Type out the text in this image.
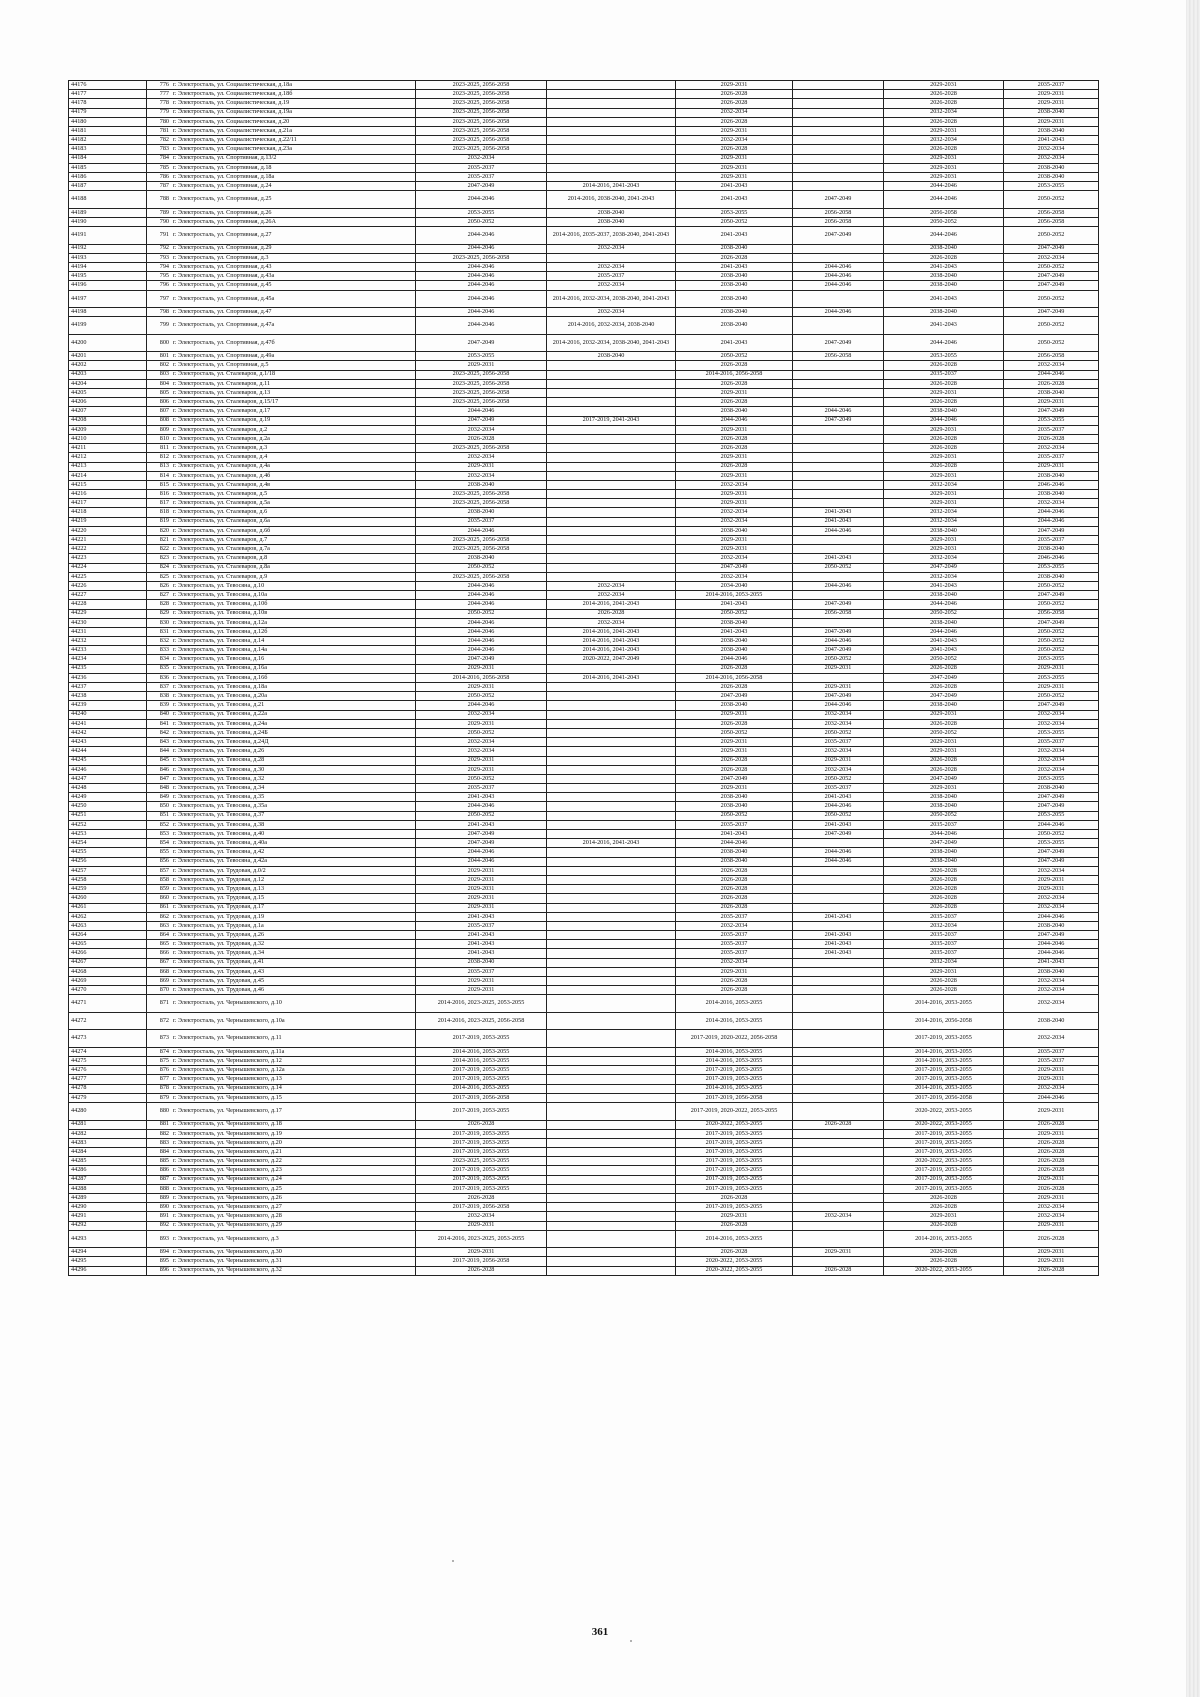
44176	776	г. Электросталь, ул. Социалистическая, д.18а	2023-2025, 2056-2058		2029-2031		2029-2031	2035-2037
44177	777	г. Электросталь, ул. Социалистическая, д.18б	2023-2025, 2056-2058		2026-2028		2026-2028	2029-2031
44178	778	г. Электросталь, ул. Социалистическая, д.19	2023-2025, 2056-2058		2026-2028		2026-2028	2029-2031
44179	779	г. Электросталь, ул. Социалистическая, д.19а	2023-2025, 2056-2058		2032-2034		2032-2034	2038-2040
44180	780	г. Электросталь, ул. Социалистическая, д.20	2023-2025, 2056-2058		2026-2028		2026-2028	2029-2031
44181	781	г. Электросталь, ул. Социалистическая, д.21а	2023-2025, 2056-2058		2029-2031		2029-2031	2038-2040
44182	782	г. Электросталь, ул. Социалистическая, д.22/11	2023-2025, 2056-2058		2032-2034		2032-2034	2041-2043
44183	783	г. Электросталь, ул. Социалистическая, д.23а	2023-2025, 2056-2058		2026-2028		2026-2028	2032-2034
44184	784	г. Электросталь, ул. Спортивная, д.13/2	2032-2034		2029-2031		2029-2031	2032-2034
44185	785	г. Электросталь, ул. Спортивная, д.18	2035-2037		2029-2031		2029-2031	2038-2040
44186	786	г. Электросталь, ул. Спортивная, д.18а	2035-2037		2029-2031		2029-2031	2038-2040
44187	787	г. Электросталь, ул. Спортивная, д.24	2047-2049	2014-2016, 2041-2043	2041-2043		2044-2046	2053-2055
44188	788	г. Электросталь, ул. Спортивная, д.25	2044-2046	2014-2016, 2038-2040, 2041-2043	2041-2043	2047-2049	2044-2046	2050-2052
44189	789	г. Электросталь, ул. Спортивная, д.26	2053-2055	2038-2040	2053-2055	2056-2058	2056-2058	2056-2058
44190	790	г. Электросталь, ул. Спортивная, д.26А	2050-2052	2038-2040	2050-2052	2056-2058	2050-2052	2056-2058
44191	791	г. Электросталь, ул. Спортивная, д.27	2044-2046	2014-2016, 2035-2037, 2038-2040, 2041-2043	2041-2043	2047-2049	2044-2046	2050-2052
44192	792	г. Электросталь, ул. Спортивная, д.29	2044-2046	2032-2034	2038-2040		2038-2040	2047-2049
44193	793	г. Электросталь, ул. Спортивная, д.3	2023-2025, 2056-2058		2026-2028		2026-2028	2032-2034
44194	794	г. Электросталь, ул. Спортивная, д.43	2044-2046	2032-2034	2041-2043	2044-2046	2041-2043	2050-2052
44195	795	г. Электросталь, ул. Спортивная, д.43а	2044-2046	2035-2037	2038-2040	2044-2046	2038-2040	2047-2049
44196	796	г. Электросталь, ул. Спортивная, д.45	2044-2046	2032-2034	2038-2040	2044-2046	2038-2040	2047-2049
44197	797	г. Электросталь, ул. Спортивная, д.45а	2044-2046	2014-2016, 2032-2034, 2038-2040, 2041-2043	2038-2040		2041-2043	2050-2052
44198	798	г. Электросталь, ул. Спортивная, д.47	2044-2046	2032-2034	2038-2040	2044-2046	2038-2040	2047-2049
44199	799	г. Электросталь, ул. Спортивная, д.47а	2044-2046	2014-2016, 2032-2034, 2038-2040	2038-2040		2041-2043	2050-2052
44200	800	г. Электросталь, ул. Спортивная, д.47б	2047-2049	2014-2016, 2032-2034, 2038-2040, 2041-2043	2041-2043	2047-2049	2044-2046	2050-2052
44201	801	г. Электросталь, ул. Спортивная, д.49а	2053-2055	2038-2040	2050-2052	2056-2058	2053-2055	2056-2058
44202	802	г. Электросталь, ул. Спортивная, д.5	2029-2031		2026-2028		2026-2028	2032-2034
44203	803	г. Электросталь, ул. Сталеваров, д.1/18	2023-2025, 2056-2058		2014-2016, 2056-2058		2035-2037	2044-2046
44204	804	г. Электросталь, ул. Сталеваров, д.11	2023-2025, 2056-2058		2026-2028		2026-2028	2026-2028
44205	805	г. Электросталь, ул. Сталеваров, д.13	2023-2025, 2056-2058		2029-2031		2029-2031	2038-2040
44206	806	г. Электросталь, ул. Сталеваров, д.15/17	2023-2025, 2056-2058		2026-2028		2026-2028	2029-2031
44207	807	г. Электросталь, ул. Сталеваров, д.17	2044-2046		2038-2040	2044-2046	2038-2040	2047-2049
44208	808	г. Электросталь, ул. Сталеваров, д.19	2047-2049	2017-2019, 2041-2043	2044-2046	2047-2049	2044-2046	2053-2055
44209	809	г. Электросталь, ул. Сталеваров, д.2	2032-2034		2029-2031		2029-2031	2035-2037
44210	810	г. Электросталь, ул. Сталеваров, д.2а	2026-2028		2026-2028		2026-2028	2026-2028
44211	811	г. Электросталь, ул. Сталеваров, д.3	2023-2025, 2056-2058		2026-2028		2026-2028	2032-2034
44212	812	г. Электросталь, ул. Сталеваров, д.4	2032-2034		2029-2031		2029-2031	2035-2037
44213	813	г. Электросталь, ул. Сталеваров, д.4а	2029-2031		2026-2028		2026-2028	2029-2031
44214	814	г. Электросталь, ул. Сталеваров, д.4б	2032-2034		2029-2031		2029-2031	2038-2040
44215	815	г. Электросталь, ул. Сталеваров, д.4в	2038-2040		2032-2034		2032-2034	2046-2046
44216	816	г. Электросталь, ул. Сталеваров, д.5	2023-2025, 2056-2058		2029-2031		2029-2031	2038-2040
44217	817	г. Электросталь, ул. Сталеваров, д.5а	2023-2025, 2056-2058		2029-2031		2029-2031	2032-2034
44218	818	г. Электросталь, ул. Сталеваров, д.6	2038-2040		2032-2034	2041-2043	2032-2034	2044-2046
44219	819	г. Электросталь, ул. Сталеваров, д.6а	2035-2037		2032-2034	2041-2043	2032-2034	2044-2046
44220	820	г. Электросталь, ул. Сталеваров, д.6б	2044-2046		2038-2040	2044-2046	2038-2040	2047-2049
44221	821	г. Электросталь, ул. Сталеваров, д.7	2023-2025, 2056-2058		2029-2031		2029-2031	2035-2037
44222	822	г. Электросталь, ул. Сталеваров, д.7а	2023-2025, 2056-2058		2029-2031		2029-2031	2038-2040
44223	823	г. Электросталь, ул. Сталеваров, д.8	2038-2040		2032-2034	2041-2043	2032-2034	2046-2046
44224	824	г. Электросталь, ул. Сталеваров, д.8а	2050-2052		2047-2049	2050-2052	2047-2049	2053-2055
44225	825	г. Электросталь, ул. Сталеваров, д.9	2023-2025, 2056-2058		2032-2034		2032-2034	2038-2040
44226	826	г. Электросталь, ул. Тевосяна, д.10	2044-2046	2032-2034	2034-2040	2044-2046	2041-2043	2050-2052
44227	827	г. Электросталь, ул. Тевосяна, д.10а	2044-2046	2032-2034	2014-2016, 2053-2055		2038-2040	2047-2049
44228	828	г. Электросталь, ул. Тевосяна, д.10б	2044-2046	2014-2016, 2041-2043	2041-2043	2047-2049	2044-2046	2050-2052
44229	829	г. Электросталь, ул. Тевосяна, д.10в	2050-2052	2026-2028	2050-2052	2056-2058	2050-2052	2056-2058
44230	830	г. Электросталь, ул. Тевосяна, д.12а	2044-2046	2032-2034	2038-2040		2038-2040	2047-2049
44231	831	г. Электросталь, ул. Тевосяна, д.12б	2044-2046	2014-2016, 2041-2043	2041-2043	2047-2049	2044-2046	2050-2052
44232	832	г. Электросталь, ул. Тевосяна, д.14	2044-2046	2014-2016, 2041-2043	2038-2040	2044-2046	2041-2043	2050-2052
44233	833	г. Электросталь, ул. Тевосяна, д.14а	2044-2046	2014-2016, 2041-2043	2038-2040	2047-2049	2041-2043	2050-2052
44234	834	г. Электросталь, ул. Тевосяна, д.16	2047-2049	2020-2022, 2047-2049	2044-2046	2050-2052	2050-2052	2053-2055
44235	835	г. Электросталь, ул. Тевосяна, д.16а	2029-2031		2026-2028	2029-2031	2026-2028	2029-2031
44236	836	г. Электросталь, ул. Тевосяна, д.16б	2014-2016, 2056-2058	2014-2016, 2041-2043	2014-2016, 2056-2058		2047-2049	2053-2055
44237	837	г. Электросталь, ул. Тевосяна, д.18а	2029-2031		2026-2028	2029-2031	2026-2028	2029-2031
44238	838	г. Электросталь, ул. Тевосяна, д.20а	2050-2052		2047-2049	2047-2049	2047-2049	2050-2052
44239	839	г. Электросталь, ул. Тевосяна, д.21	2044-2046		2038-2040	2044-2046	2038-2040	2047-2049
44240	840	г. Электросталь, ул. Тевосяна, д.22а	2032-2034		2029-2031	2032-2034	2029-2031	2032-2034
44241	841	г. Электросталь, ул. Тевосяна, д.24а	2029-2031		2026-2028	2032-2034	2026-2028	2032-2034
44242	842	г. Электросталь, ул. Тевосяна, д.24Б	2050-2052		2050-2052	2050-2052	2050-2052	2053-2055
44243	843	г. Электросталь, ул. Тевосяна, д.24Д	2032-2034		2029-2031	2035-2037	2029-2031	2035-2037
44244	844	г. Электросталь, ул. Тевосяна, д.26	2032-2034		2029-2031	2032-2034	2029-2031	2032-2034
44245	845	г. Электросталь, ул. Тевосяна, д.28	2029-2031		2026-2028	2029-2031	2026-2028	2032-2034
44246	846	г. Электросталь, ул. Тевосяна, д.30	2029-2031		2026-2028	2032-2034	2026-2028	2032-2034
44247	847	г. Электросталь, ул. Тевосяна, д.32	2050-2052		2047-2049	2050-2052	2047-2049	2053-2055
44248	848	г. Электросталь, ул. Тевосяна, д.34	2035-2037		2029-2031	2035-2037	2029-2031	2038-2040
44249	849	г. Электросталь, ул. Тевосяна, д.35	2041-2043		2038-2040	2041-2043	2038-2040	2047-2049
44250	850	г. Электросталь, ул. Тевосяна, д.35а	2044-2046		2038-2040	2044-2046	2038-2040	2047-2049
44251	851	г. Электросталь, ул. Тевосяна, д.37	2050-2052		2050-2052	2050-2052	2050-2052	2053-2055
44252	852	г. Электросталь, ул. Тевосяна, д.38	2041-2043		2035-2037	2041-2043	2035-2037	2044-2046
44253	853	г. Электросталь, ул. Тевосяна, д.40	2047-2049		2041-2043	2047-2049	2044-2046	2050-2052
44254	854	г. Электросталь, ул. Тевосяна, д.40а	2047-2049	2014-2016, 2041-2043	2044-2046		2047-2049	2053-2055
44255	855	г. Электросталь, ул. Тевосяна, д.42	2044-2046		2038-2040	2044-2046	2038-2040	2047-2049
44256	856	г. Электросталь, ул. Тевосяна, д.42а	2044-2046		2038-2040	2044-2046	2038-2040	2047-2049
44257	857	г. Электросталь, ул. Трудовая, д.0/2	2029-2031		2026-2028		2026-2028	2032-2034
44258	858	г. Электросталь, ул. Трудовая, д.12	2029-2031		2026-2028		2026-2028	2029-2031
44259	859	г. Электросталь, ул. Трудовая, д.13	2029-2031		2026-2028		2026-2028	2029-2031
44260	860	г. Электросталь, ул. Трудовая, д.15	2029-2031		2026-2028		2026-2028	2032-2034
44261	861	г. Электросталь, ул. Трудовая, д.17	2029-2031		2026-2028		2026-2028	2032-2034
44262	862	г. Электросталь, ул. Трудовая, д.19	2041-2043		2035-2037	2041-2043	2035-2037	2044-2046
44263	863	г. Электросталь, ул. Трудовая, д.1а	2035-2037		2032-2034		2032-2034	2038-2040
44264	864	г. Электросталь, ул. Трудовая, д.26	2041-2043		2035-2037	2041-2043	2035-2037	2047-2049
44265	865	г. Электросталь, ул. Трудовая, д.32	2041-2043		2035-2037	2041-2043	2035-2037	2044-2046
44266	866	г. Электросталь, ул. Трудовая, д.34	2041-2043		2035-2037	2041-2043	2035-2037	2044-2046
44267	867	г. Электросталь, ул. Трудовая, д.41	2038-2040		2032-2034		2032-2034	2041-2043
44268	868	г. Электросталь, ул. Трудовая, д.43	2035-2037		2029-2031		2029-2031	2038-2040
44269	869	г. Электросталь, ул. Трудовая, д.45	2029-2031		2026-2028		2026-2028	2032-2034
44270	870	г. Электросталь, ул. Трудовая, д.46	2029-2031		2026-2028		2026-2028	2032-2034
44271	871	г. Электросталь, ул. Чернышевского, д.10	2014-2016, 2023-2025, 2053-2055		2014-2016, 2053-2055		2014-2016, 2053-2055	2032-2034
44272	872	г. Электросталь, ул. Чернышевского, д.10а	2014-2016, 2023-2025, 2056-2058		2014-2016, 2053-2055		2014-2016, 2056-2058	2038-2040
44273	873	г. Электросталь, ул. Чернышевского, д.11	2017-2019, 2053-2055		2017-2019, 2020-2022, 2056-2058		2017-2019, 2053-2055	2032-2034
44274	874	г. Электросталь, ул. Чернышевского, д.11а	2014-2016, 2053-2055		2014-2016, 2053-2055		2014-2016, 2053-2055	2035-2037
44275	875	г. Электросталь, ул. Чернышевского, д.12	2014-2016, 2053-2055		2014-2016, 2053-2055		2014-2016, 2053-2055	2035-2037
44276	876	г. Электросталь, ул. Чернышевского, д.12а	2017-2019, 2053-2055		2017-2019, 2053-2055		2017-2019, 2053-2055	2029-2031
44277	877	г. Электросталь, ул. Чернышевского, д.13	2017-2019, 2053-2055		2017-2019, 2053-2055		2017-2019, 2053-2055	2029-2031
44278	878	г. Электросталь, ул. Чернышевского, д.14	2014-2016, 2053-2055		2014-2016, 2053-2055		2014-2016, 2053-2055	2032-2034
44279	879	г. Электросталь, ул. Чернышевского, д.15	2017-2019, 2056-2058		2017-2019, 2056-2058		2017-2019, 2056-2058	2044-2046
44280	880	г. Электросталь, ул. Чернышевского, д.17	2017-2019, 2053-2055		2017-2019, 2020-2022, 2053-2055		2020-2022, 2053-2055	2029-2031
44281	881	г. Электросталь, ул. Чернышевского, д.18	2026-2028		2020-2022, 2053-2055	2026-2028	2020-2022, 2053-2055	2026-2028
44282	882	г. Электросталь, ул. Чернышевского, д.19	2017-2019, 2053-2055		2017-2019, 2053-2055		2017-2019, 2053-2055	2029-2031
44283	883	г. Электросталь, ул. Чернышевского, д.20	2017-2019, 2053-2055		2017-2019, 2053-2055		2017-2019, 2053-2055	2026-2028
44284	884	г. Электросталь, ул. Чернышевского, д.21	2017-2019, 2053-2055		2017-2019, 2053-2055		2017-2019, 2053-2055	2026-2028
44285	885	г. Электросталь, ул. Чернышевского, д.22	2023-2025, 2053-2055		2017-2019, 2053-2055		2020-2022, 2053-2055	2026-2028
44286	886	г. Электросталь, ул. Чернышевского, д.23	2017-2019, 2053-2055		2017-2019, 2053-2055		2017-2019, 2053-2055	2026-2028
44287	887	г. Электросталь, ул. Чернышевского, д.24	2017-2019, 2053-2055		2017-2019, 2053-2055		2017-2019, 2053-2055	2029-2031
44288	888	г. Электросталь, ул. Чернышевского, д.25	2017-2019, 2053-2055		2017-2019, 2053-2055		2017-2019, 2053-2055	2026-2028
44289	889	г. Электросталь, ул. Чернышевского, д.26	2026-2028		2026-2028		2026-2028	2029-2031
44290	890	г. Электросталь, ул. Чернышевского, д.27	2017-2019, 2056-2058		2017-2019, 2053-2055		2026-2028	2032-2034
44291	891	г. Электросталь, ул. Чернышевского, д.28	2032-2034		2029-2031	2032-2034	2029-2031	2032-2034
44292	892	г. Электросталь, ул. Чернышевского, д.29	2029-2031		2026-2028		2026-2028	2029-2031
44293	893	г. Электросталь, ул. Чернышевского, д.3	2014-2016, 2023-2025, 2053-2055		2014-2016, 2053-2055		2014-2016, 2053-2055	2026-2028
44294	894	г. Электросталь, ул. Чернышевского, д.30	2029-2031		2026-2028	2029-2031	2026-2028	2029-2031
44295	895	г. Электросталь, ул. Чернышевского, д.31	2017-2019, 2056-2058		2020-2022, 2053-2055		2026-2028	2029-2031
44296	896	г. Электросталь, ул. Чернышевского, д.32	2026-2028		2020-2022, 2053-2055	2026-2028	2020-2022, 2053-2055	2026-2028
361
